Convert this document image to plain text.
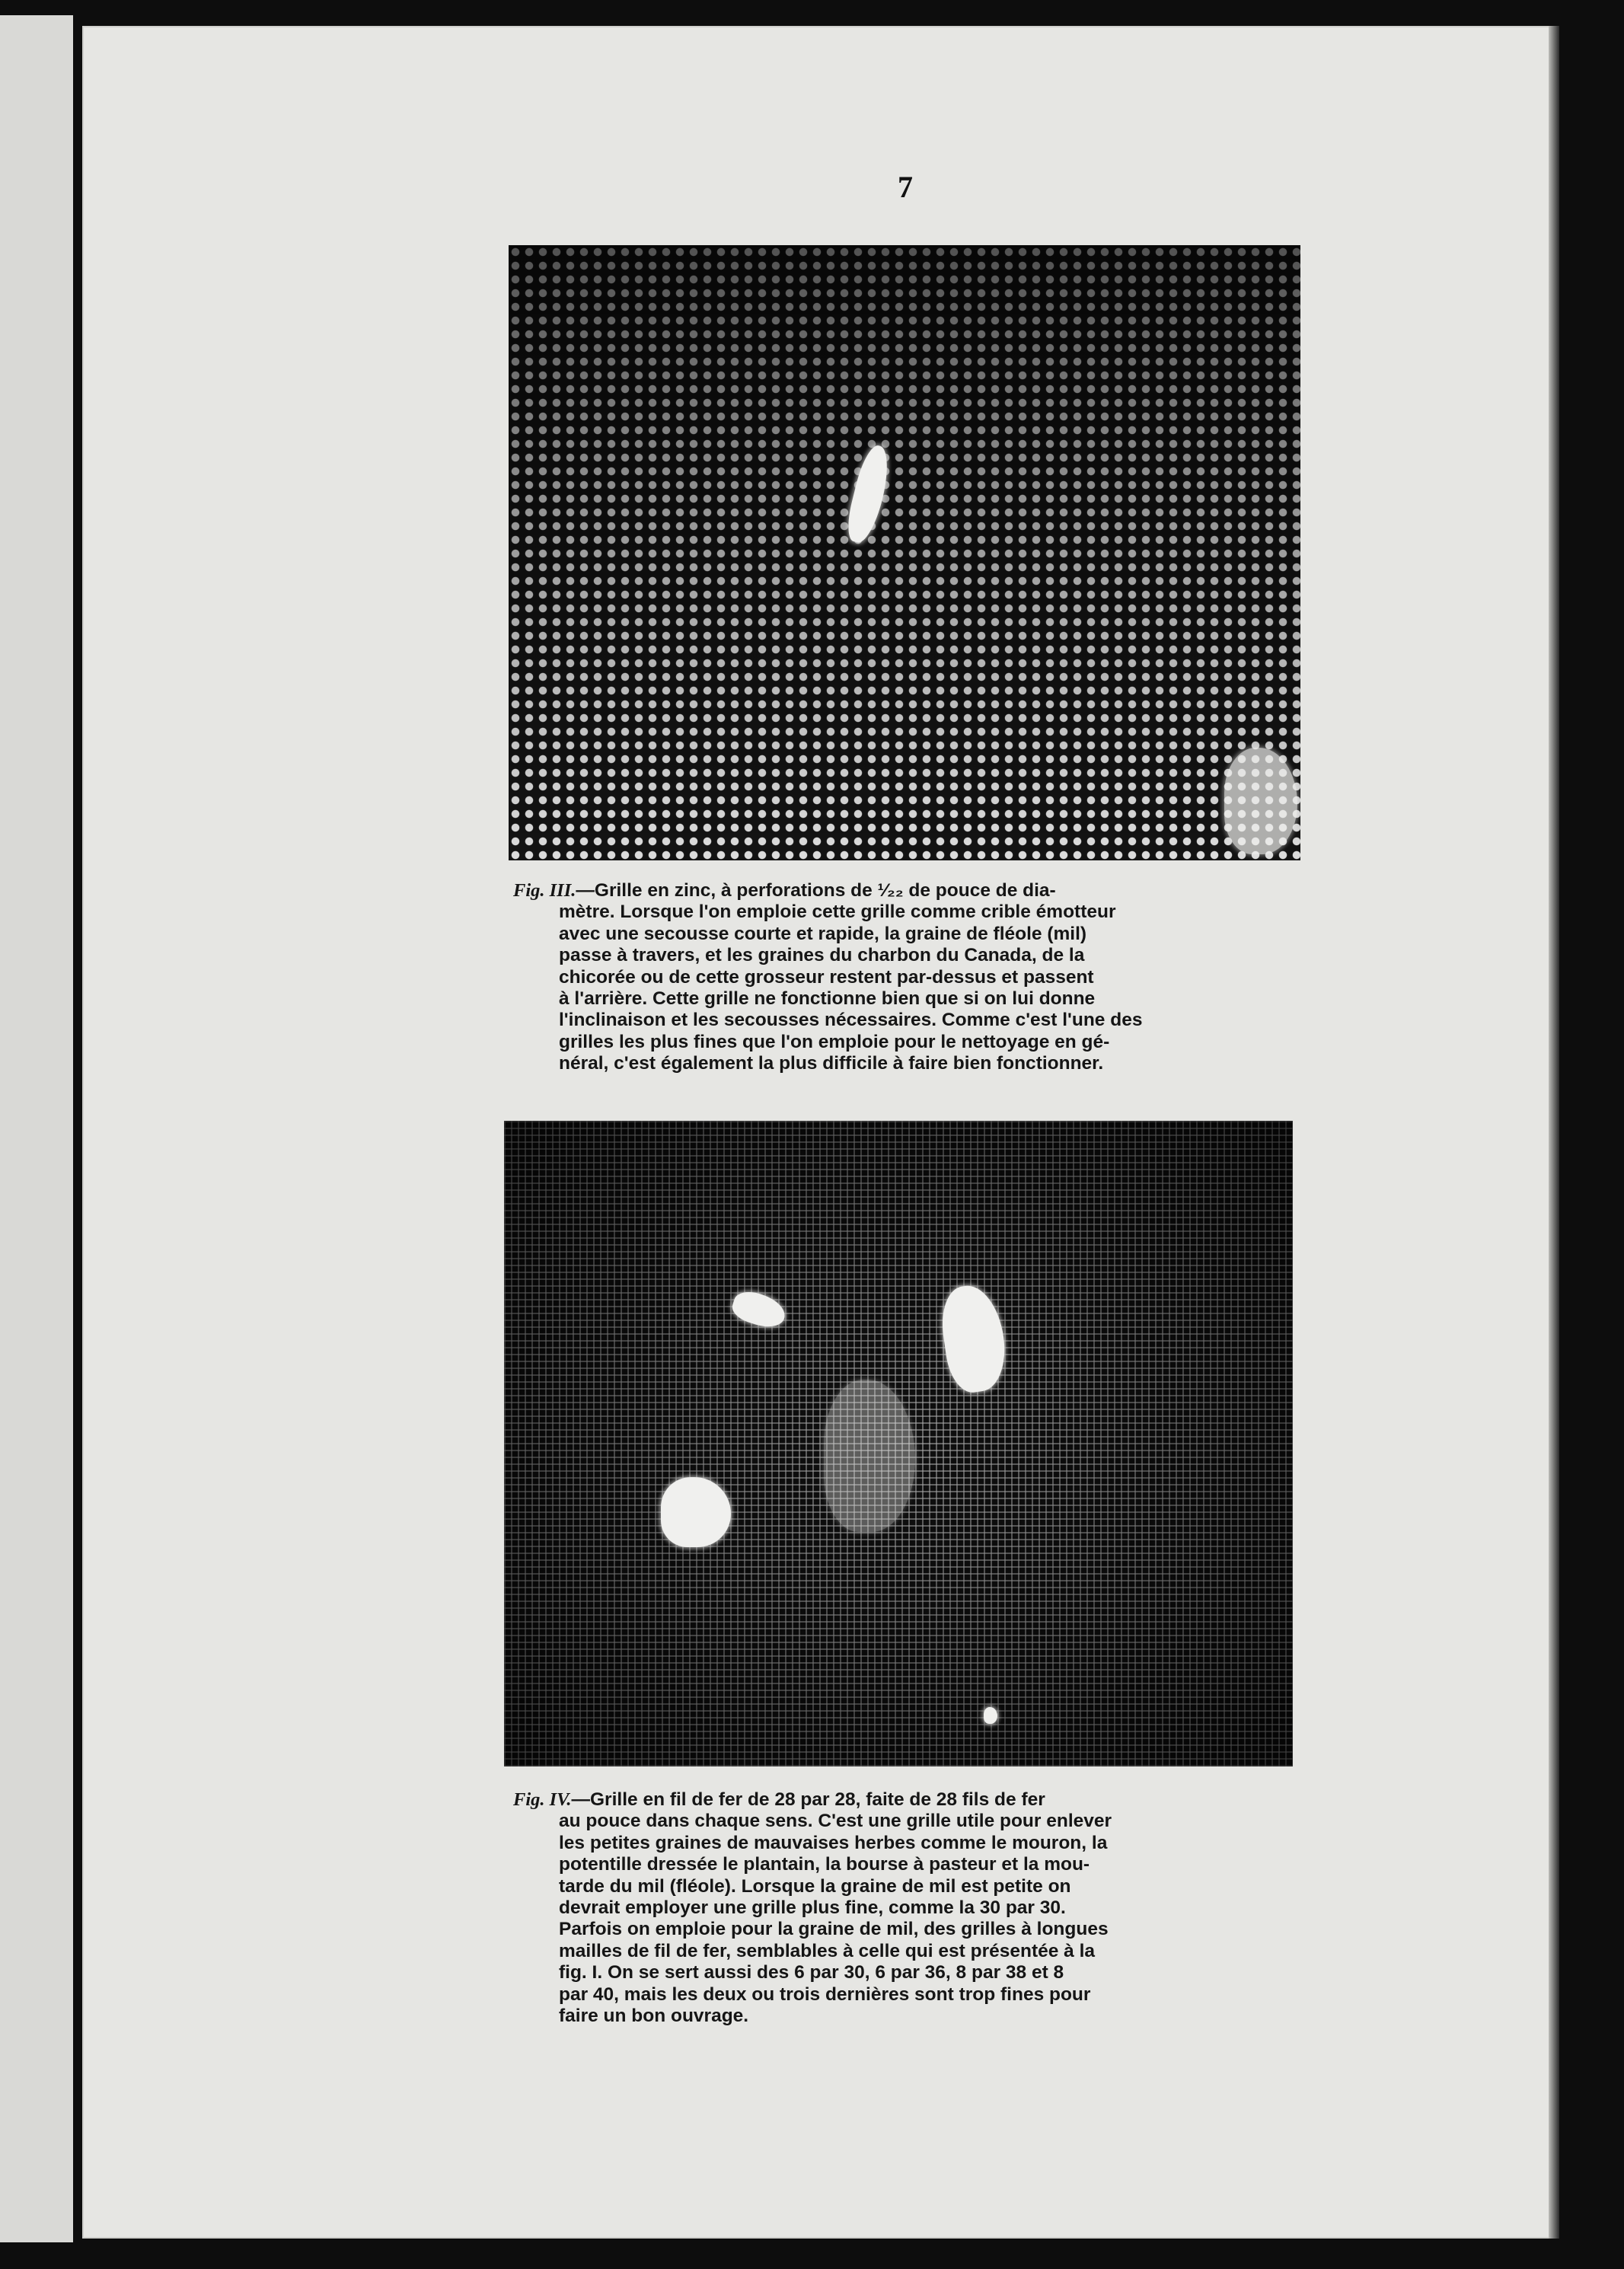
7
Fig. III.—Grille en zinc, à perforations de ¹⁄₂₂ de pouce de dia-
mètre. Lorsque l'on emploie cette grille comme crible émotteur
avec une secousse courte et rapide, la graine de fléole (mil)
passe à travers, et les graines du charbon du Canada, de la
chicorée ou de cette grosseur restent par-dessus et passent
à l'arrière. Cette grille ne fonctionne bien que si on lui donne
l'inclinaison et les secousses nécessaires. Comme c'est l'une des
grilles les plus fines que l'on emploie pour le nettoyage en gé-
néral, c'est également la plus difficile à faire bien fonctionner.
Fig. IV.—Grille en fil de fer de 28 par 28, faite de 28 fils de fer
au pouce dans chaque sens. C'est une grille utile pour enlever
les petites graines de mauvaises herbes comme le mouron, la
potentille dressée le plantain, la bourse à pasteur et la mou-
tarde du mil (fléole). Lorsque la graine de mil est petite on
devrait employer une grille plus fine, comme la 30 par 30.
Parfois on emploie pour la graine de mil, des grilles à longues
mailles de fil de fer, semblables à celle qui est présentée à la
fig. I. On se sert aussi des 6 par 30, 6 par 36, 8 par 38 et 8
par 40, mais les deux ou trois dernières sont trop fines pour
faire un bon ouvrage.
